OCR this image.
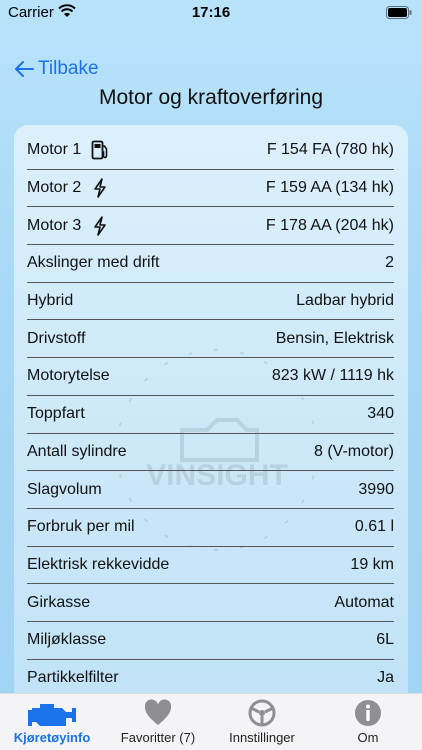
Carrier	17:16
Tilbake
Motor og kraftoverføring
VINSIGHT
Motor 1	F 154 FA (780 hk)
Motor 2	F 159 AA (134 hk)
Motor 3	F 178 AA (204 hk)
Akslinger med drift	2
Hybrid	Ladbar hybrid
Drivstoff	Bensin, Elektrisk
Motorytelse	823 kW / 1119 hk
Toppfart	340
Antall sylindre	8 (V-motor)
Slagvolum	3990
Forbruk per mil	0.61 l
Elektrisk rekkevidde	19 km
Girkasse	Automat
Miljøklasse	6L
Partikkelfilter	Ja
Kjøretøyinfo	Favoritter (7)	Innstillinger	Om
